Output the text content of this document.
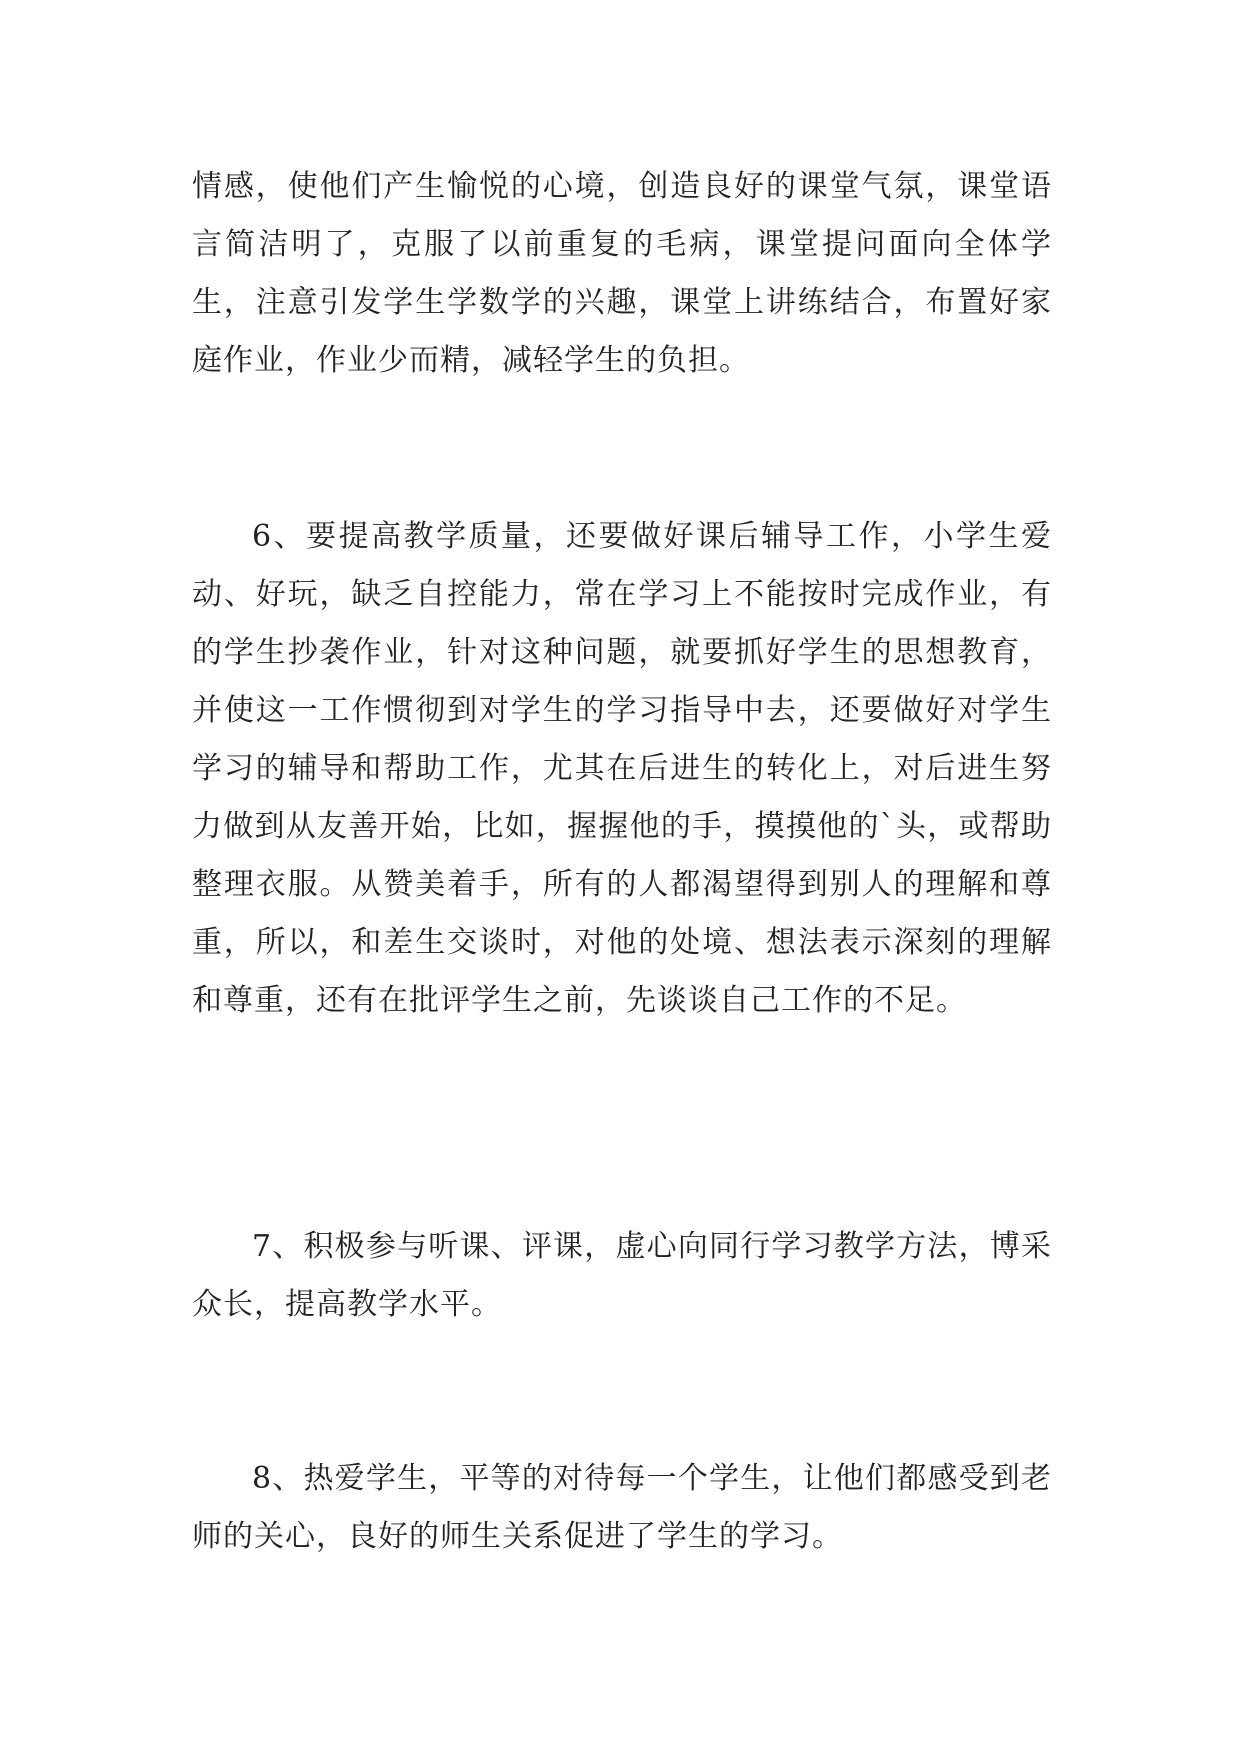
情感，使他们产生愉悦的心境，创造良好的课堂气氛，课堂语言简洁明了，克服了以前重复的毛病，课堂提问面向全体学生，注意引发学生学数学的兴趣，课堂上讲练结合，布置好家庭作业，作业少而精，减轻学生的负担。

6、要提高教学质量，还要做好课后辅导工作，小学生爱动、好玩，缺乏自控能力，常在学习上不能按时完成作业，有的学生抄袭作业，针对这种问题，就要抓好学生的思想教育，并使这一工作惯彻到对学生的学习指导中去，还要做好对学生学习的辅导和帮助工作，尤其在后进生的转化上，对后进生努力做到从友善开始，比如，握握他的手，摸摸他的`头，或帮助整理衣服。从赞美着手，所有的人都渴望得到别人的理解和尊重，所以，和差生交谈时，对他的处境、想法表示深刻的理解和尊重，还有在批评学生之前，先谈谈自己工作的不足。

7、积极参与听课、评课，虚心向同行学习教学方法，博采众长，提高教学水平。

8、热爱学生，平等的对待每一个学生，让他们都感受到老师的关心，良好的师生关系促进了学生的学习。
